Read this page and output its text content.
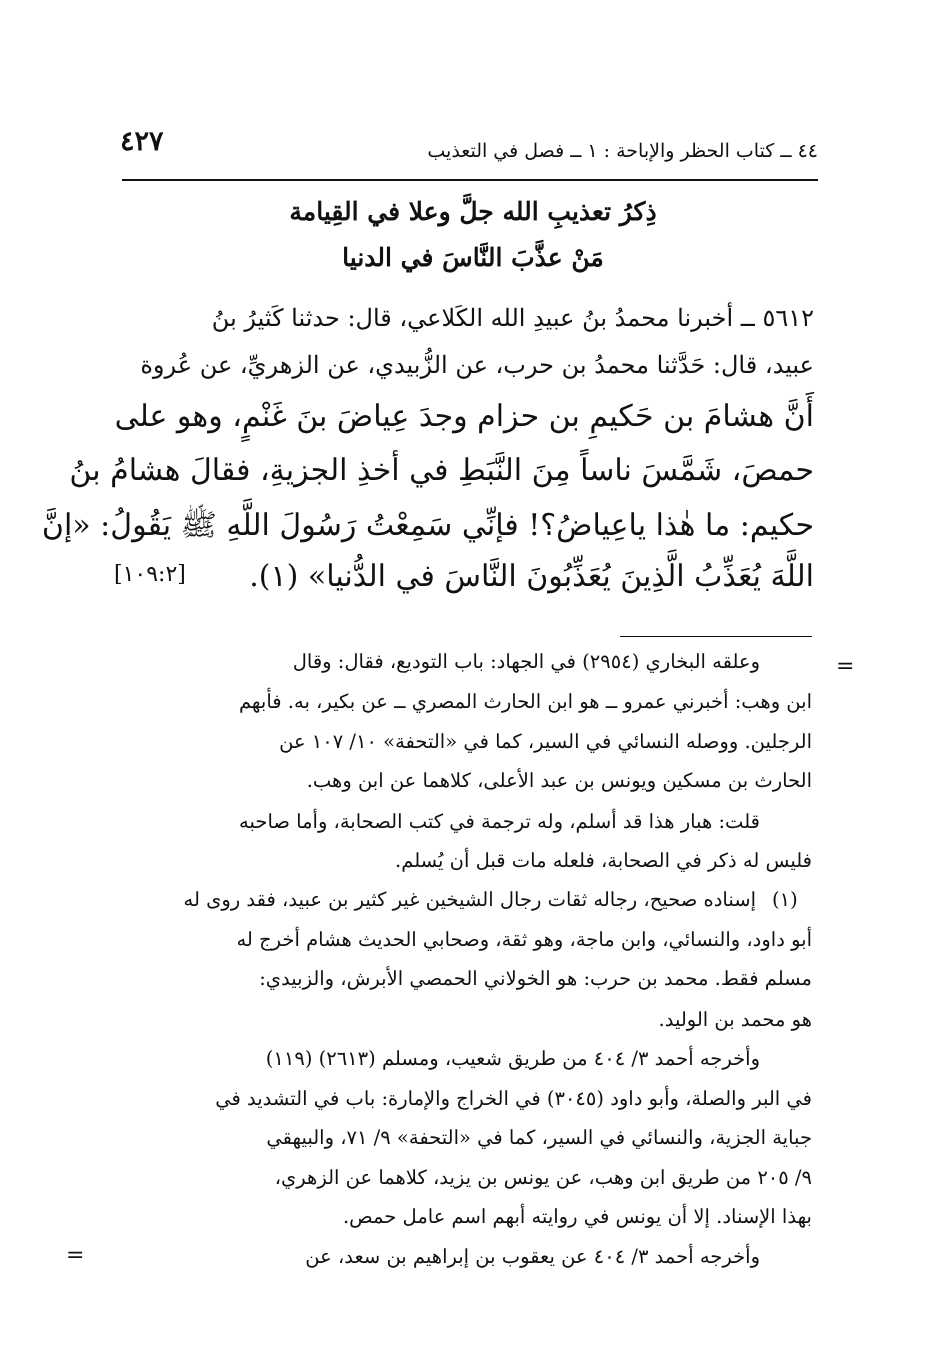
٤٢٧	٤٤ ــ كتاب الحظر والإباحة : ١ ــ فصل في التعذيب
ذِكرُ تعذيبِ الله جلَّ وعلا في القِيامة
مَنْ عذَّبَ النَّاسَ في الدنيا
٥٦١٢ ــ أخبرنا محمدُ بنُ عبيدِ الله الكَلاعي، قال: حدثنا كَثيرُ بنُ
عبيد، قال: حَدَّثنا محمدُ بن حرب، عن الزُّبيدي، عن الزهريِّ، عن عُروة
أَنَّ هشامَ بن حَكيمِ بن حزام وجدَ عِياضَ بنَ غَنْمٍ، وهو على
حمصَ، شَمَّسَ ناساً مِنَ النَّبَطِ في أخذِ الجزيةِ، فقالَ هشامُ بنُ
حكيم: ما هٰذا ياعِياضُ؟! فإنِّي سَمِعْتُ رَسُولَ اللَّهِ ﷺ يَقُولُ: «إنَّ
اللَّهَ يُعَذِّبُ الَّذِينَ يُعَذِّبُونَ النَّاسَ في الدُّنيا» (١).
[١٠٩:٢]
=
وعلقه البخاري (٢٩٥٤) في الجهاد: باب التوديع، فقال: وقال
ابن وهب: أخبرني عمرو ــ هو ابن الحارث المصري ــ عن بكير، به. فأبهم
الرجلين. ووصله النسائي في السير، كما في «التحفة» ١٠/ ١٠٧ عن
الحارث بن مسكين ويونس بن عبد الأعلى، كلاهما عن ابن وهب.
قلت: هبار هذا قد أسلم، وله ترجمة في كتب الصحابة، وأما صاحبه
فليس له ذكر في الصحابة، فلعله مات قبل أن يُسلم.
(١)
إسناده صحيح، رجاله ثقات رجال الشيخين غير كثير بن عبيد، فقد روى له
أبو داود، والنسائي، وابن ماجة، وهو ثقة، وصحابي الحديث هشام أخرج له
مسلم فقط. محمد بن حرب: هو الخولاني الحمصي الأبرش، والزبيدي:
هو محمد بن الوليد.
وأخرجه أحمد ٣/ ٤٠٤ من طريق شعيب، ومسلم (٢٦١٣) (١١٩)
في البر والصلة، وأبو داود (٣٠٤٥) في الخراج والإمارة: باب في التشديد في
جباية الجزية، والنسائي في السير، كما في «التحفة» ٩/ ٧١، والبيهقي
٩/ ٢٠٥ من طريق ابن وهب، عن يونس بن يزيد، كلاهما عن الزهري،
بهذا الإسناد. إلا أن يونس في روايته أبهم اسم عامل حمص.
وأخرجه أحمد ٣/ ٤٠٤ عن يعقوب بن إبراهيم بن سعد، عن
=
